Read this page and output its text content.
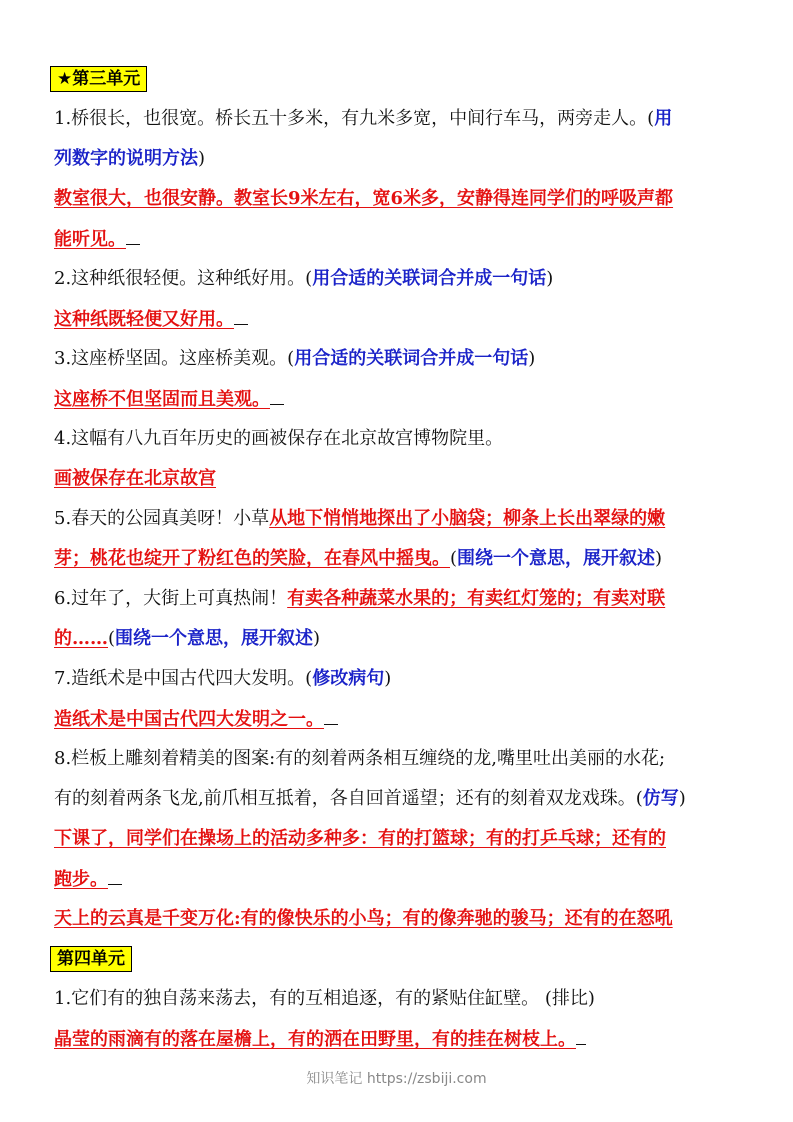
★第三单元
1.桥很长，也很宽。桥长五十多米，有九米多宽，中间行车马，两旁走人。(用
列数字的说明方法)
教室很大，也很安静。教室长9米左右，宽6米多，安静得连同学们的呼吸声都
能听见。
2.这种纸很轻便。这种纸好用。(用合适的关联词合并成一句话)
这种纸既轻便又好用。
3.这座桥坚固。这座桥美观。(用合适的关联词合并成一句话)
这座桥不但坚固而且美观。
4.这幅有八九百年历史的画被保存在北京故宫博物院里。
画被保存在北京故宫
5.春天的公园真美呀！小草从地下悄悄地探出了小脑袋；柳条上长出翠绿的嫩
芽；桃花也绽开了粉红色的笑脸，在春风中摇曳。(围绕一个意思，展开叙述)
6.过年了，大街上可真热闹！有卖各种蔬菜水果的；有卖红灯笼的；有卖对联
的……(围绕一个意思，展开叙述)
7.造纸术是中国古代四大发明。(修改病句)
造纸术是中国古代四大发明之一。
8.栏板上雕刻着精美的图案:有的刻着两条相互缠绕的龙,嘴里吐出美丽的水花;
有的刻着两条飞龙,前爪相互抵着，各自回首遥望；还有的刻着双龙戏珠。(仿写)
下课了，同学们在操场上的活动多种多：有的打篮球；有的打乒乓球；还有的
跑步。
天上的云真是千变万化:有的像快乐的小鸟；有的像奔驰的骏马；还有的在怒吼
第四单元
1.它们有的独自荡来荡去，有的互相追逐，有的紧贴住缸壁。 (排比)
晶莹的雨滴有的落在屋檐上，有的洒在田野里，有的挂在树枝上。
知识笔记 https://zsbiji.com
